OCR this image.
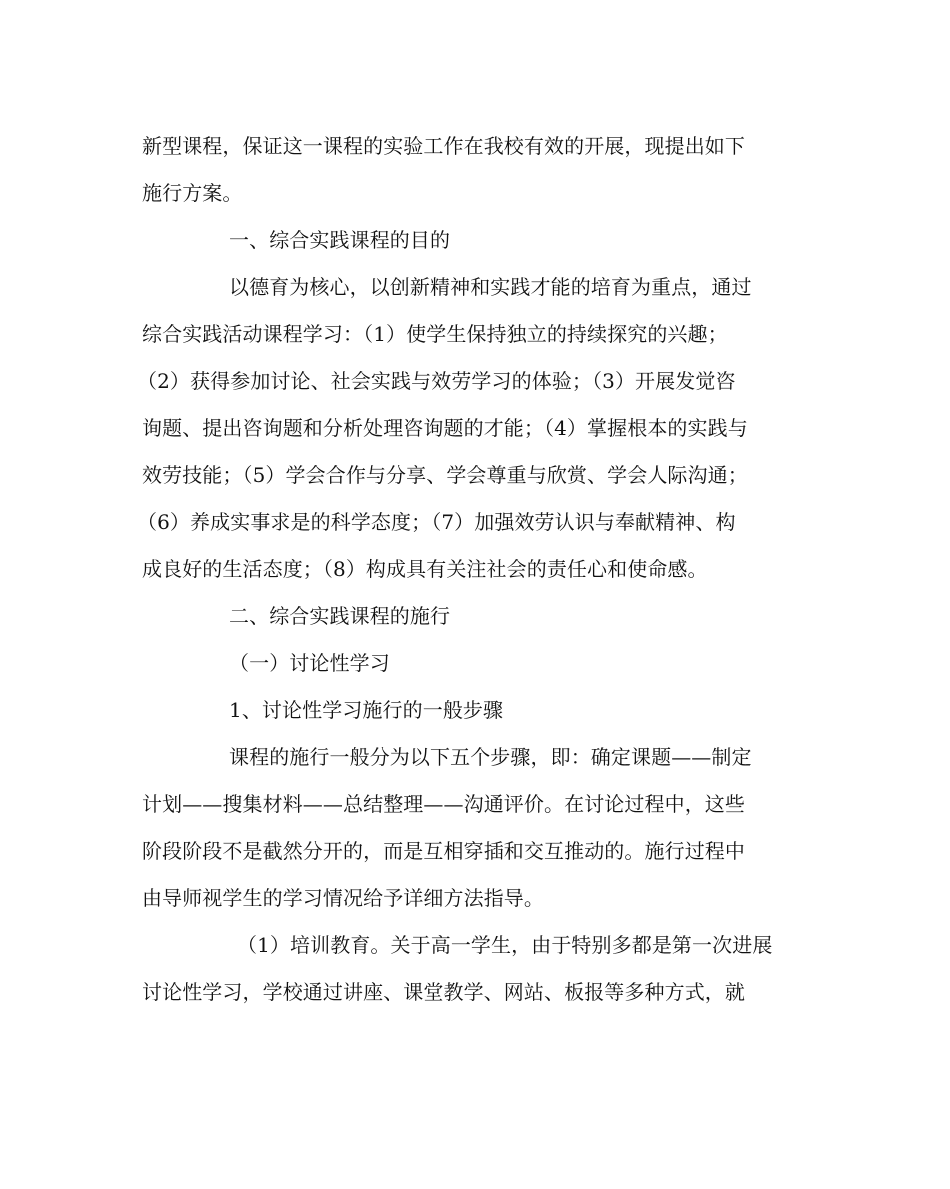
新型课程，保证这一课程的实验工作在我校有效的开展，现提出如下
施行方案。
一、综合实践课程的目的
以德育为核心，以创新精神和实践才能的培育为重点，通过
综合实践活动课程学习：（1）使学生保持独立的持续探究的兴趣；
（2）获得参加讨论、社会实践与效劳学习的体验；（3）开展发觉咨
询题、提出咨询题和分析处理咨询题的才能；（4）掌握根本的实践与
效劳技能；（5）学会合作与分享、学会尊重与欣赏、学会人际沟通；
（6）养成实事求是的科学态度；（7）加强效劳认识与奉献精神、构
成良好的生活态度；（8）构成具有关注社会的责任心和使命感。
二、综合实践课程的施行
（一）讨论性学习
1、讨论性学习施行的一般步骤
课程的施行一般分为以下五个步骤，即：确定课题——制定
计划——搜集材料——总结整理——沟通评价。在讨论过程中，这些
阶段阶段不是截然分开的，而是互相穿插和交互推动的。施行过程中
由导师视学生的学习情况给予详细方法指导。
（1）培训教育。关于高一学生，由于特别多都是第一次进展
讨论性学习，学校通过讲座、课堂教学、网站、板报等多种方式，就
